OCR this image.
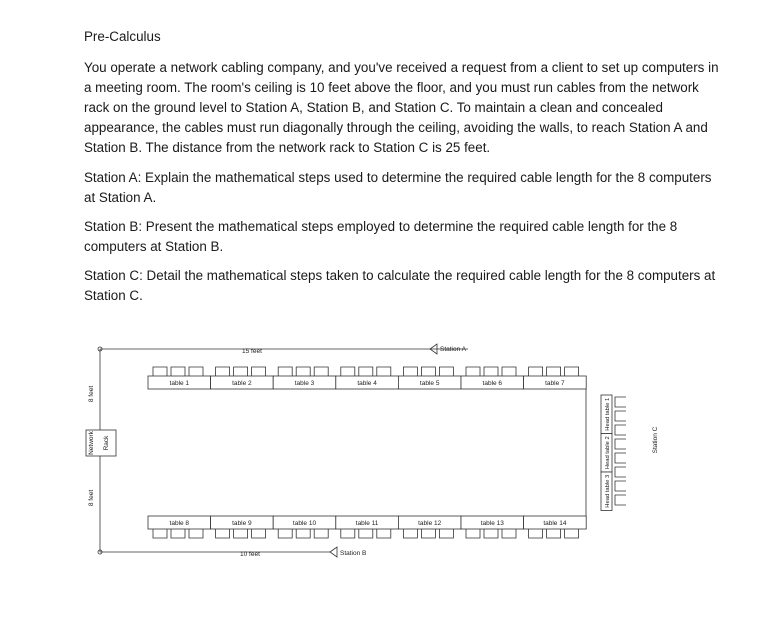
Pre-Calculus

You operate a network cabling company, and you've received a request from a client to set up computers in a meeting room. The room's ceiling is 10 feet above the floor, and you must run cables from the network rack on the ground level to Station A, Station B, and Station C. To maintain a clean and concealed appearance, the cables must run diagonally through the ceiling, avoiding the walls, to reach Station A and Station B. The distance from the network rack to Station C is 25 feet.

Station A: Explain the mathematical steps used to determine the required cable length for the 8 computers at Station A.

Station B: Present the mathematical steps employed to determine the required cable length for the 8 computers at Station B.

Station C: Detail the mathematical steps taken to calculate the required cable length for the 8 computers at Station C.

Network Rack
15 feet
10 feet
8 feet
8 feet
Station A
Station B
Station C
table 1	table 2	table 3	table 4	table 5	table 6	table 7
table 8	table 9	table 10	table 11	table 12	table 13	table 14
Head table 1
Head table 2
Head table 3
